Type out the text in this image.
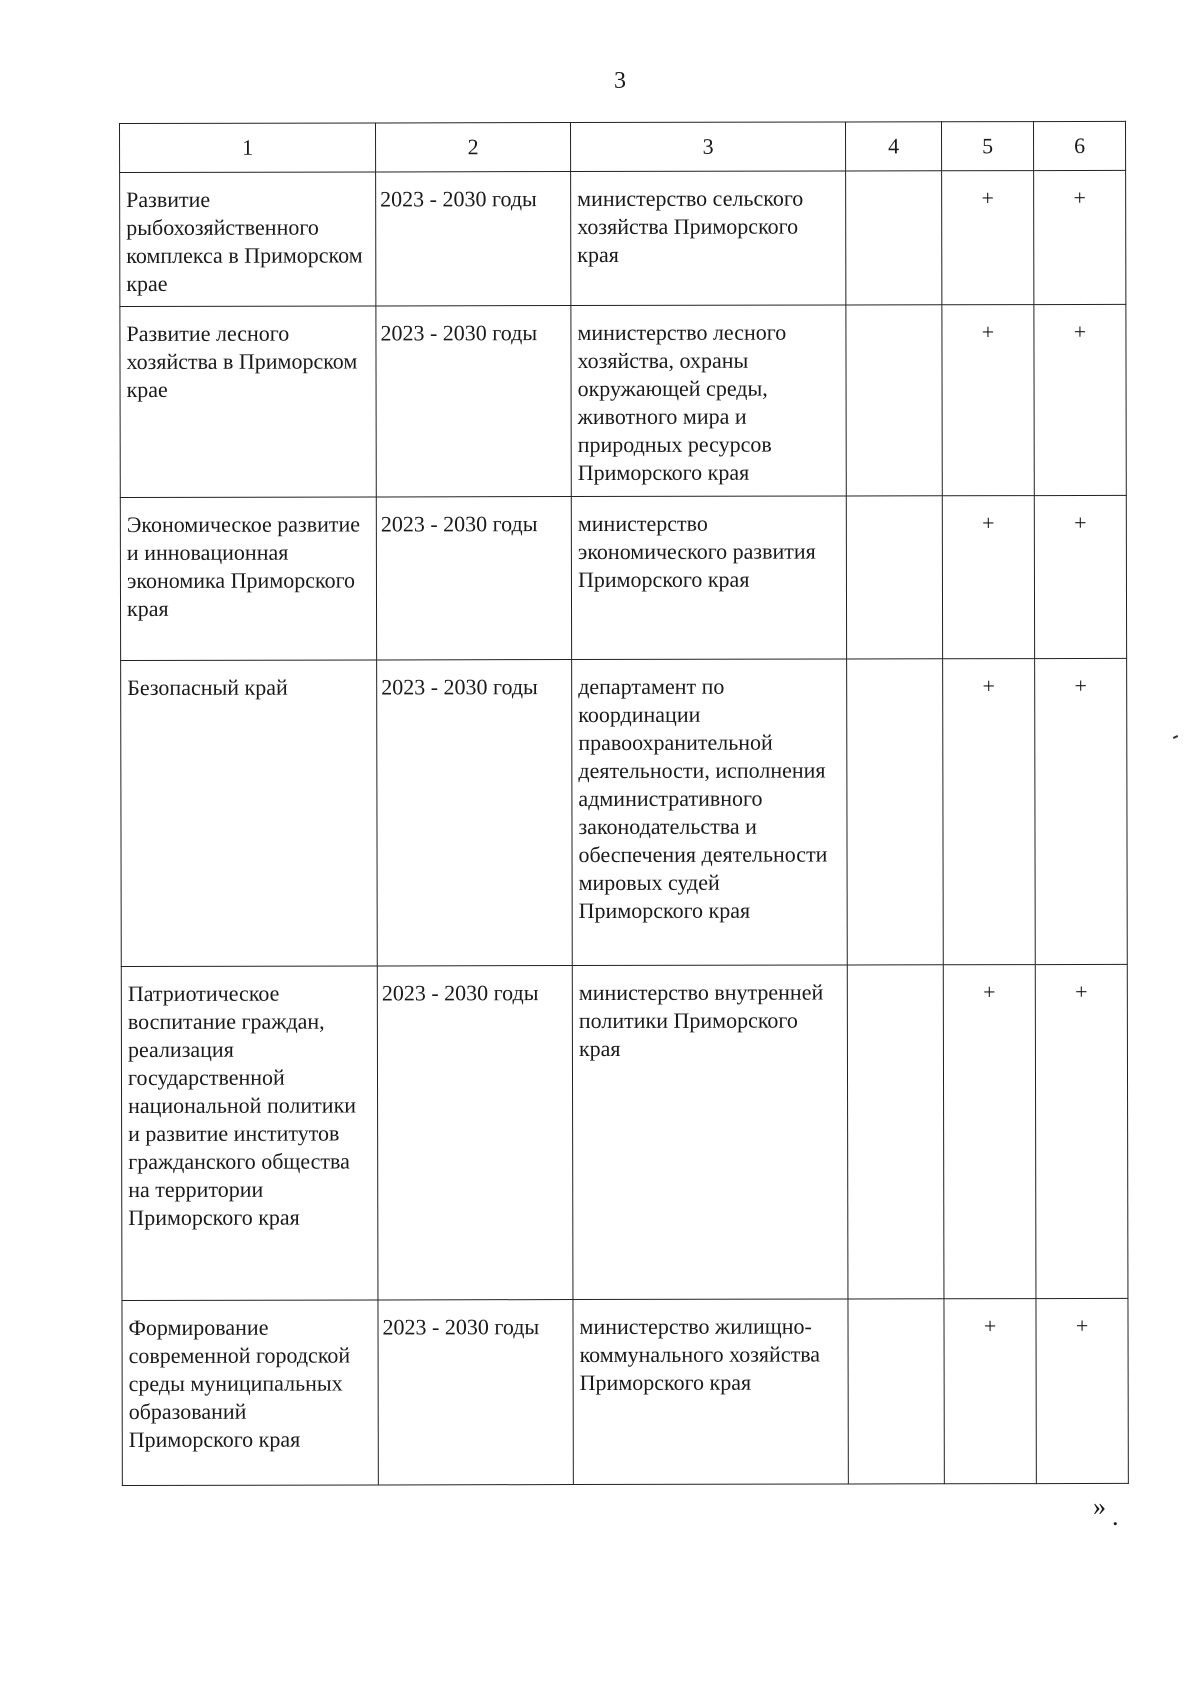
3
1	2	3	4	5	6
Развитие рыбохозяйственного комплекса в Приморском крае	2023 - 2030 годы	министерство сельского хозяйства Приморского края		+	+
Развитие лесного хозяйства в Приморском крае	2023 - 2030 годы	министерство лесного хозяйства, охраны окружающей среды, животного мира и природных ресурсов Приморского края		+	+
Экономическое развитие и инновационная экономика Приморского края	2023 - 2030 годы	министерство экономического развития Приморского края		+	+
Безопасный край	2023 - 2030 годы	департамент по координации правоохранительной деятельности, исполнения административного законодательства и обеспечения деятельности мировых судей Приморского края		+	+
Патриотическое воспитание граждан, реализация государственной национальной политики и развитие институтов гражданского общества на территории Приморского края	2023 - 2030 годы	министерство внутренней политики Приморского края		+	+
Формирование современной городской среды муниципальных образований Приморского края	2023 - 2030 годы	министерство жилищно-коммунального хозяйства Приморского края		+	+
» .
